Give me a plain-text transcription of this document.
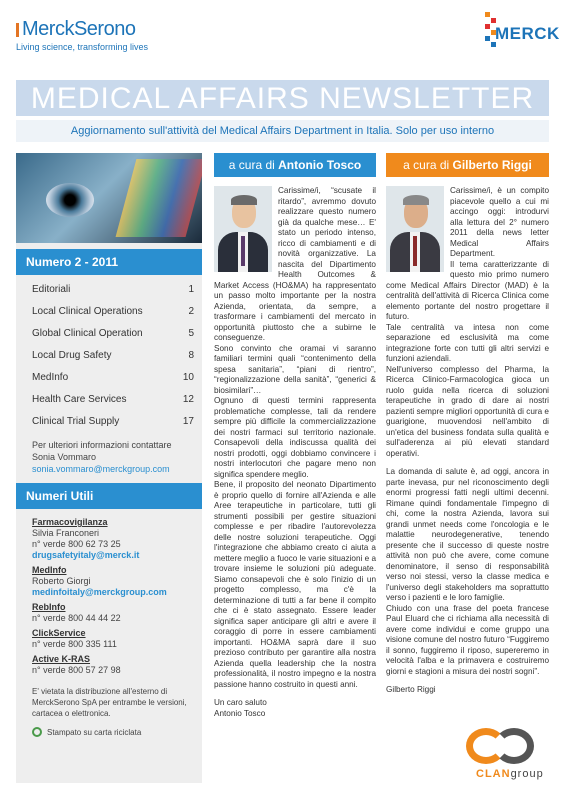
MerckSerono
Living science, transforming lives
MERCK
MEDICAL AFFAIRS NEWSLETTER
Aggiornamento sull'attività del Medical Affairs Department in Italia. Solo per uso interno
Numero 2 - 2011
Editoriali	1
Local Clinical Operations	2
Global Clinical Operation	5
Local Drug Safety	8
MedInfo	10
Health Care Services	12
Clinical Trial Supply	17
Per ulteriori informazioni contattare Sonia Vommaro
sonia.vommaro@merckgroup.com
Numeri Utili
Farmacovigilanza
Silvia Franconeri
n° verde 800 62 73 25
drugsafetyitaly@merck.it
MedInfo
Roberto Giorgi
medinfoitaly@merckgroup.com
RebInfo
n° verde 800 44 44 22
ClickService
n° verde 800 335 111
Active K-RAS
n° verde 800 57 27 98
E' vietata la distribuzione all'esterno di MerckSerono SpA per entrambe le versioni, cartacea o elettronica.
Stampato su carta riciclata
a cura di Antonio Tosco

Carissime/i, “scusate il ritardo”, avremmo dovuto realizzare questo numero già da qualche mese… E' stato un periodo intenso, ricco di cambiamenti e di novità organizzative. La nascita del Dipartimento Health Outcomes & Market Access (HO&MA) ha rappresentato un passo molto importante per la nostra Azienda, orientata, da sempre, a trasformare i cambiamenti del mercato in opportunità piuttosto che a subirne le conseguenze.

Sono convinto che oramai vi saranno familiari termini quali “contenimento della spesa sanitaria”, “piani di rientro”, “regionalizzazione della sanità”, “generici & biosimilari”…

Ognuno di questi termini rappresenta problematiche complesse, tali da rendere sempre più difficile la commercializzazione dei nostri farmaci sul territorio nazionale. Consapevoli della indiscussa qualità dei nostri prodotti, oggi dobbiamo convincere i nostri interlocutori che pagare meno non significa spendere meglio.

Bene, il proposito del neonato Dipartimento è proprio quello di fornire all'Azienda e alle Aree terapeutiche in particolare, tutti gli strumenti possibili per gestire situazioni complesse e per ribadire l'autorevolezza delle nostre soluzioni terapeutiche. Oggi l'integrazione che abbiamo creato ci aiuta a mettere meglio a fuoco le varie situazioni e a trovare insieme le soluzioni più adeguate. Siamo consapevoli che è solo l'inizio di un progetto complesso, ma c'è la determinazione di tutti a far bene il compito che ci è stato assegnato. Essere leader significa saper anticipare gli altri e avere il coraggio di porre in essere cambiamenti importanti. HO&MA saprà dare il suo prezioso contributo per garantire alla nostra Azienda quella leadership che la nostra professionalità, il nostro impegno e la nostra passione hanno costruito in questi anni.

Un caro saluto
Antonio Tosco
a cura di Gilberto Riggi

Carissime/i, è un compito piacevole quello a cui mi accingo oggi: introdurvi alla lettura del 2° numero 2011 della news letter Medical Affairs Department.

Il tema caratterizzante di questo mio primo numero come Medical Affairs Director (MAD) è la centralità dell'attività di Ricerca Clinica come elemento portante del nostro progettare il futuro.

Tale centralità va intesa non come separazione ed esclusività ma come integrazione forte con tutti gli altri servizi e funzioni aziendali.

Nell'universo complesso del Pharma, la Ricerca Clinico-Farmacologica gioca un ruolo guida nella ricerca di soluzioni terapeutiche in grado di dare ai nostri pazienti sempre migliori opportunità di cura e guarigione, muovendosi nell'ambito di un'etica del business fondata sulla qualità e sull'aderenza ai più elevati standard operativi.

La domanda di salute è, ad oggi, ancora in parte inevasa, pur nel riconoscimento degli enormi progressi fatti negli ultimi decenni. Rimane quindi fondamentale l'impegno di chi, come la nostra Azienda, lavora sui grandi unmet needs come l'oncologia e le malattie neurodegenerative, tenendo presente che il successo di queste nostre attività non può che avere, come comune denominatore, il senso di responsabilità verso noi stessi, verso la classe medica e l'universo degli stakeholders ma soprattutto verso i pazienti e le loro famiglie.

Chiudo con una frase del poeta francese Paul Eluard che ci richiama alla necessità di avere come individui e come gruppo una visione comune del nostro futuro “Fuggiremo il sonno, fuggiremo il riposo, supereremo in velocità l'alba e la primavera e costruiremo giorni e stagioni a misura dei nostri sogni”.

Gilberto Riggi
CLANgroup
